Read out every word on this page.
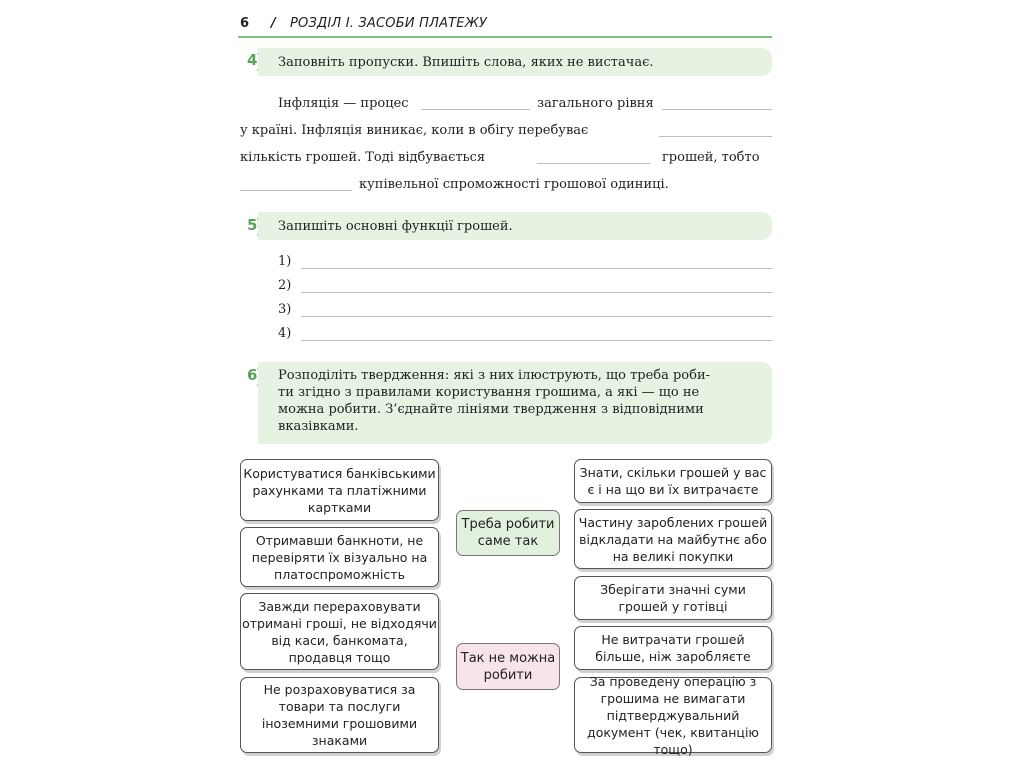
6 / РОЗДІЛ I. ЗАСОБИ ПЛАТЕЖУ
4 Заповніть пропуски. Впишіть слова, яких не вистачає.
Інфляція — процес	загального рівня
у країні. Інфляція виникає, коли в обігу перебуває
кількість грошей. Тоді відбувається	грошей, тобто
купівельної спроможності грошової одиниці.
5 Запишіть основні функції грошей.
1)
2)
3)
4)
6 Розподіліть твердження: які з них ілюструють, що треба роби-
ти згідно з правилами користування грошима, а які — що не
можна робити. З’єднайте лініями твердження з відповідними
вказівками.
Користуватися банківськими рахунками та платіжними картками
Отримавши банкноти, не перевіряти їх візуально на платоспроможність
Завжди перераховувати отримані гроші, не відходячи від каси, банкомата, продавця тощо
Не розраховуватися за товари та послуги іноземними грошовими знаками
Треба робити саме так
Так не можна робити
Знати, скільки грошей у вас є і на що ви їх витрачаєте
Частину зароблених грошей відкладати на майбутнє або на великі покупки
Зберігати значні суми грошей у готівці
Не витрачати грошей більше, ніж заробляєте
За проведену операцію з грошима не вимагати підтверджувальний документ (чек, квитанцію тощо)
